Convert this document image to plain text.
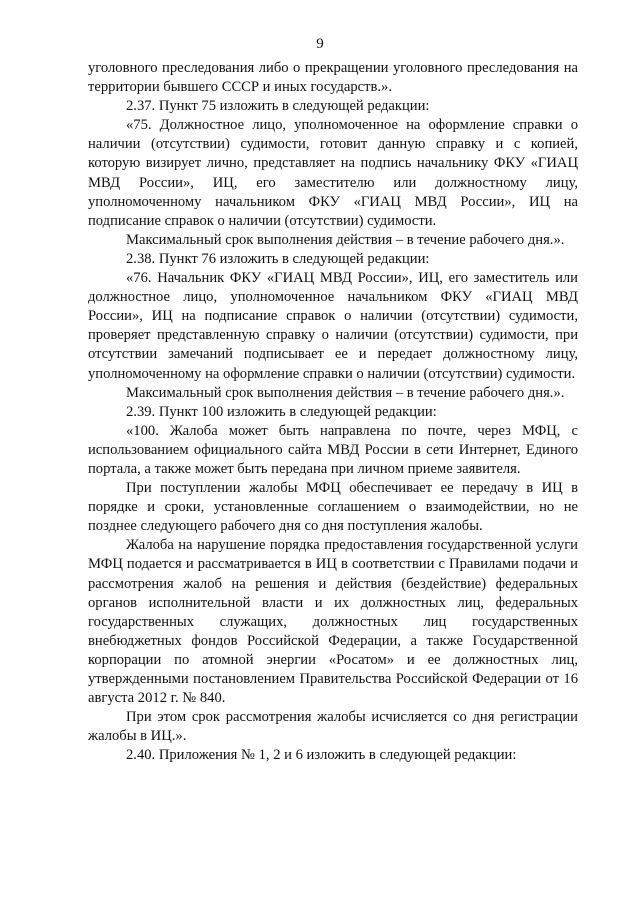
9

уголовного преследования либо о прекращении уголовного преследования на территории бывшего СССР и иных государств.».

2.37. Пункт 75 изложить в следующей редакции:

«75. Должностное лицо, уполномоченное на оформление справки о наличии (отсутствии) судимости, готовит данную справку и с копией, которую визирует лично, представляет на подпись начальнику ФКУ «ГИАЦ МВД России», ИЦ, его заместителю или должностному лицу, уполномоченному начальником ФКУ «ГИАЦ МВД России», ИЦ на подписание справок о наличии (отсутствии) судимости.

Максимальный срок выполнения действия – в течение рабочего дня.».

2.38. Пункт 76 изложить в следующей редакции:

«76. Начальник ФКУ «ГИАЦ МВД России», ИЦ, его заместитель или должностное лицо, уполномоченное начальником ФКУ «ГИАЦ МВД России», ИЦ на подписание справок о наличии (отсутствии) судимости, проверяет представленную справку о наличии (отсутствии) судимости, при отсутствии замечаний подписывает ее и передает должностному лицу, уполномоченному на оформление справки о наличии (отсутствии) судимости.

Максимальный срок выполнения действия – в течение рабочего дня.».

2.39. Пункт 100 изложить в следующей редакции:

«100. Жалоба может быть направлена по почте, через МФЦ, с использованием официального сайта МВД России в сети Интернет, Единого портала, а также может быть передана при личном приеме заявителя.

При поступлении жалобы МФЦ обеспечивает ее передачу в ИЦ в порядке и сроки, установленные соглашением о взаимодействии, но не позднее следующего рабочего дня со дня поступления жалобы.

Жалоба на нарушение порядка предоставления государственной услуги МФЦ подается и рассматривается в ИЦ в соответствии с Правилами подачи и рассмотрения жалоб на решения и действия (бездействие) федеральных органов исполнительной власти и их должностных лиц, федеральных государственных служащих, должностных лиц государственных внебюджетных фондов Российской Федерации, а также Государственной корпорации по атомной энергии «Росатом» и ее должностных лиц, утвержденными постановлением Правительства Российской Федерации от 16 августа 2012 г. № 840.

При этом срок рассмотрения жалобы исчисляется со дня регистрации жалобы в ИЦ.».

2.40. Приложения № 1, 2 и 6 изложить в следующей редакции:
